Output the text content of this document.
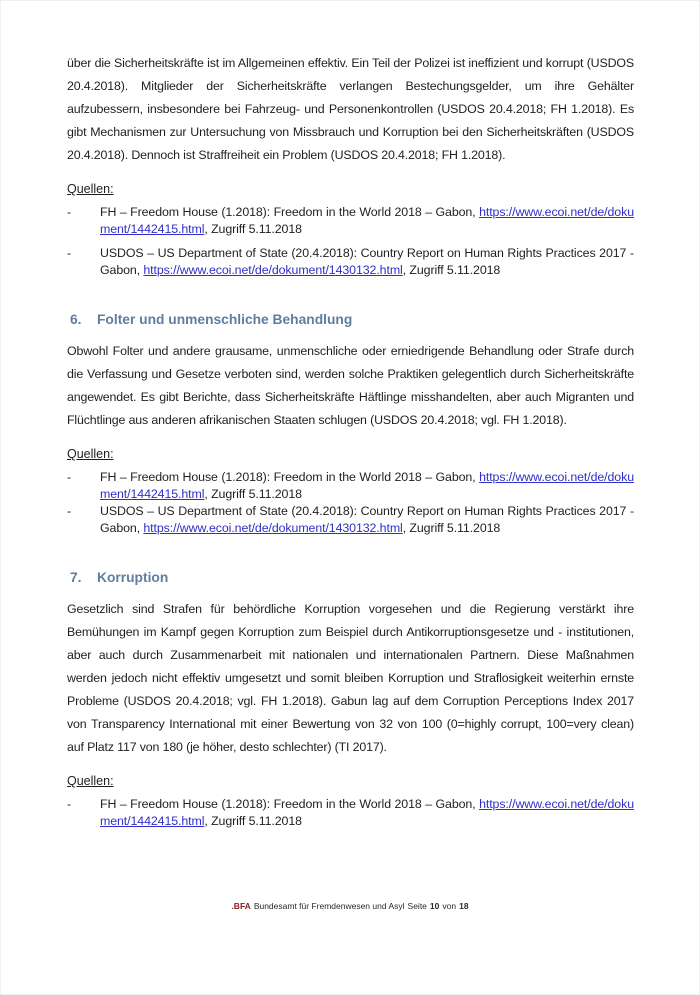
über die Sicherheitskräfte ist im Allgemeinen effektiv. Ein Teil der Polizei ist ineffizient und korrupt (USDOS 20.4.2018). Mitglieder der Sicherheitskräfte verlangen Bestechungsgelder, um ihre Gehälter aufzubessern, insbesondere bei Fahrzeug- und Personenkontrollen (USDOS 20.4.2018; FH 1.2018). Es gibt Mechanismen zur Untersuchung von Missbrauch und Korruption bei den Sicherheitskräften (USDOS 20.4.2018). Dennoch ist Straffreiheit ein Problem (USDOS 20.4.2018; FH 1.2018).

Quellen:
-	FH – Freedom House (1.2018): Freedom in the World 2018 – Gabon, https://www.ecoi.net/de/dokument/1442415.html, Zugriff 5.11.2018
-	USDOS – US Department of State (20.4.2018): Country Report on Human Rights Practices 2017 - Gabon, https://www.ecoi.net/de/dokument/1430132.html, Zugriff 5.11.2018
6.	Folter und unmenschliche Behandlung

Obwohl Folter und andere grausame, unmenschliche oder erniedrigende Behandlung oder Strafe durch die Verfassung und Gesetze verboten sind, werden solche Praktiken gelegentlich durch Sicherheitskräfte angewendet. Es gibt Berichte, dass Sicherheitskräfte Häftlinge misshandelten, aber auch Migranten und Flüchtlinge aus anderen afrikanischen Staaten schlugen (USDOS 20.4.2018; vgl. FH 1.2018).

Quellen:
-	FH – Freedom House (1.2018): Freedom in the World 2018 – Gabon, https://www.ecoi.net/de/dokument/1442415.html, Zugriff 5.11.2018
-	USDOS – US Department of State (20.4.2018): Country Report on Human Rights Practices 2017 - Gabon, https://www.ecoi.net/de/dokument/1430132.html, Zugriff 5.11.2018
7.	Korruption

Gesetzlich sind Strafen für behördliche Korruption vorgesehen und die Regierung verstärkt ihre Bemühungen im Kampf gegen Korruption zum Beispiel durch Antikorruptionsgesetze und - institutionen, aber auch durch Zusammenarbeit mit nationalen und internationalen Partnern. Diese Maßnahmen werden jedoch nicht effektiv umgesetzt und somit bleiben Korruption und Straflosigkeit weiterhin ernste Probleme (USDOS 20.4.2018; vgl. FH 1.2018). Gabun lag auf dem Corruption Perceptions Index 2017 von Transparency International mit einer Bewertung von 32 von 100 (0=highly corrupt, 100=very clean) auf Platz 117 von 180 (je höher, desto schlechter) (TI 2017).

Quellen:
-	FH – Freedom House (1.2018): Freedom in the World 2018 – Gabon, https://www.ecoi.net/de/dokument/1442415.html, Zugriff 5.11.2018
.BFA Bundesamt für Fremdenwesen und Asyl Seite 10 von 18
